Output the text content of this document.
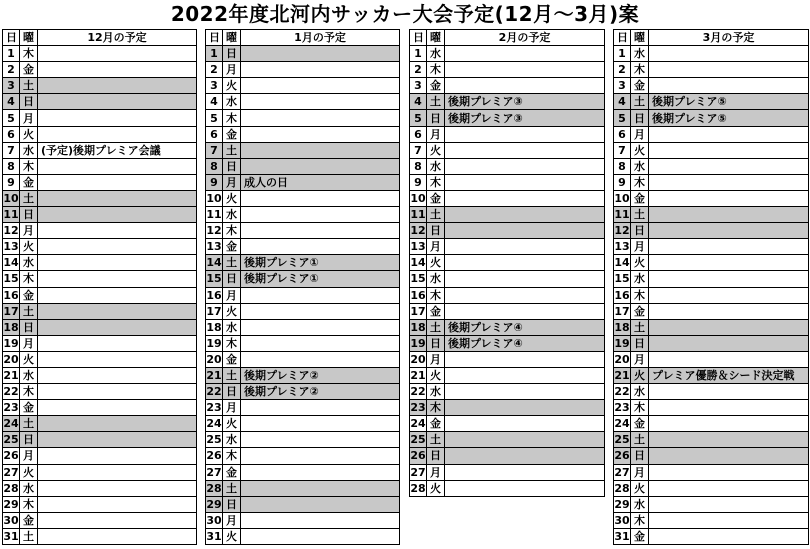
2022年度北河内サッカー大会予定(12月～3月)案
日	曜	12月の予定
1	木	
2	金	
3	土	
4	日	
5	月	
6	火	
7	水	(予定)後期プレミア会議
8	木	
9	金	
10	土	
11	日	
12	月	
13	火	
14	水	
15	木	
16	金	
17	土	
18	日	
19	月	
20	火	
21	水	
22	木	
23	金	
24	土	
25	日	
26	月	
27	火	
28	水	
29	木	
30	金	
31	土	
日	曜	1月の予定
1	日	
2	月	
3	火	
4	水	
5	木	
6	金	
7	土	
8	日	
9	月	成人の日
10	火	
11	水	
12	木	
13	金	
14	土	後期プレミア①
15	日	後期プレミア①
16	月	
17	火	
18	水	
19	木	
20	金	
21	土	後期プレミア②
22	日	後期プレミア②
23	月	
24	火	
25	水	
26	木	
27	金	
28	土	
29	日	
30	月	
31	火	
日	曜	2月の予定
1	水	
2	木	
3	金	
4	土	後期プレミア③
5	日	後期プレミア③
6	月	
7	火	
8	水	
9	木	
10	金	
11	土	
12	日	
13	月	
14	火	
15	水	
16	木	
17	金	
18	土	後期プレミア④
19	日	後期プレミア④
20	月	
21	火	
22	水	
23	木	
24	金	
25	土	
26	日	
27	月	
28	火	
日	曜	3月の予定
1	水	
2	木	
3	金	
4	土	後期プレミア⑤
5	日	後期プレミア⑤
6	月	
7	火	
8	水	
9	木	
10	金	
11	土	
12	日	
13	月	
14	火	
15	水	
16	木	
17	金	
18	土	
19	日	
20	月	
21	火	プレミア優勝＆シード決定戦
22	水	
23	木	
24	金	
25	土	
26	日	
27	月	
28	火	
29	水	
30	木	
31	金	
